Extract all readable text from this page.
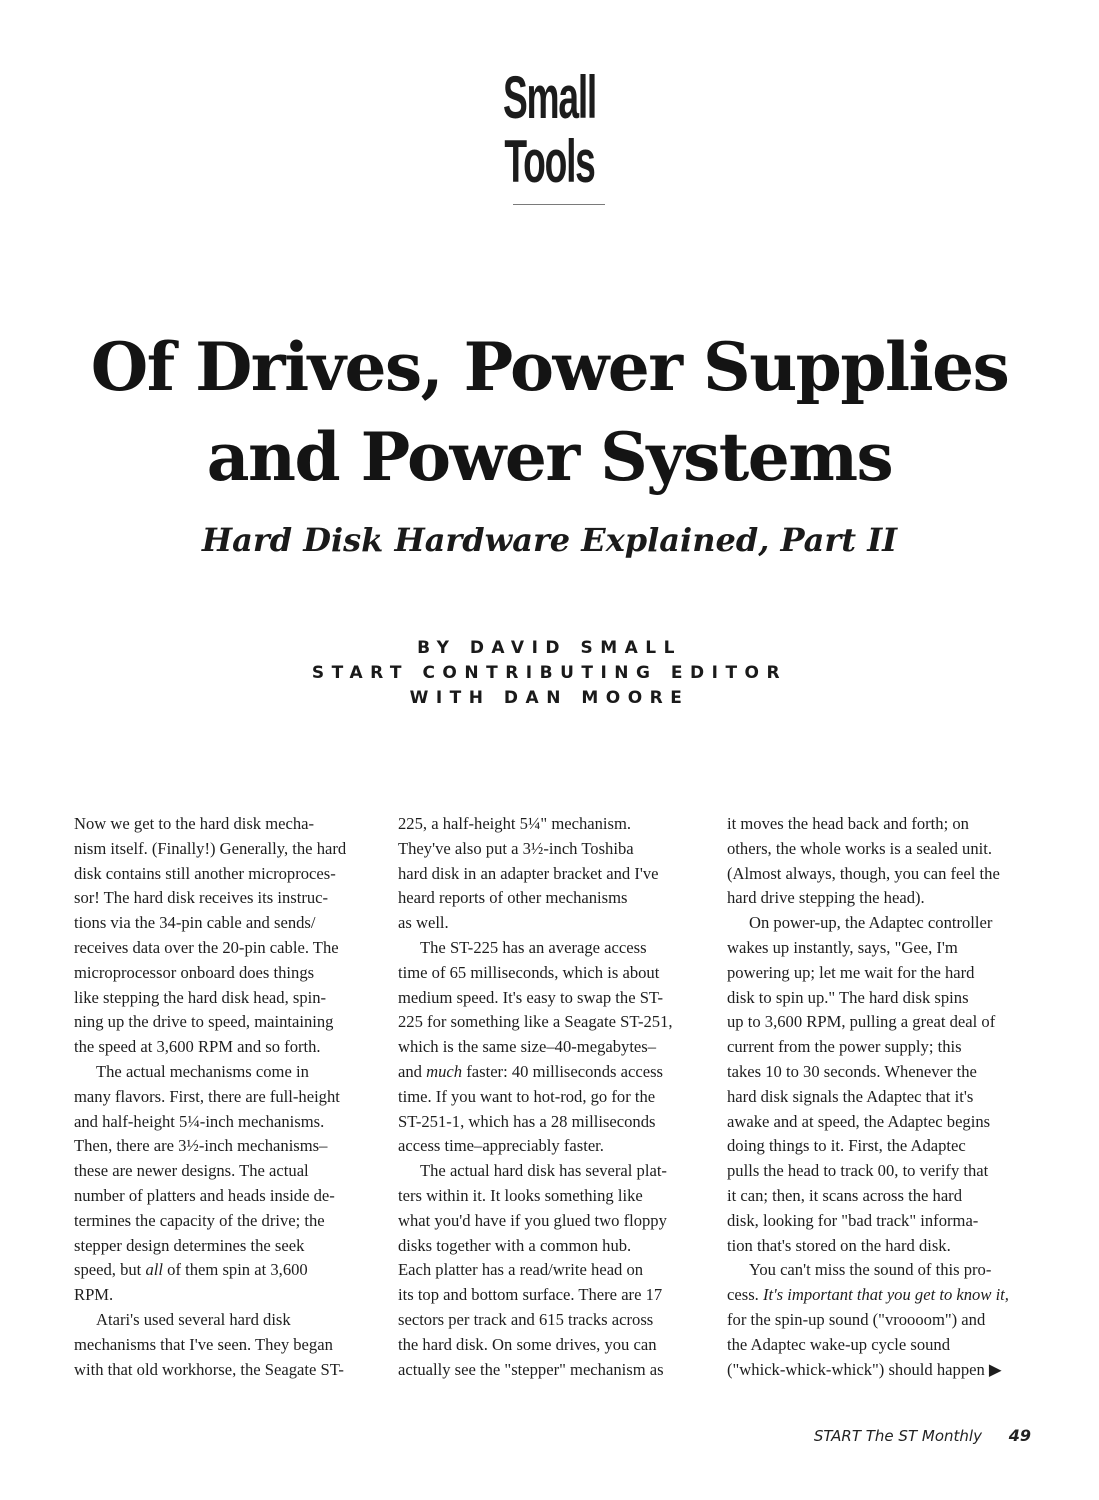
Small
Tools
Of Drives, Power Supplies
and Power Systems
Hard Disk Hardware Explained, Part II
BY DAVID SMALL
START CONTRIBUTING EDITOR
WITH DAN MOORE
Now we get to the hard disk mecha-
nism itself. (Finally!) Generally, the hard
disk contains still another microproces-
sor! The hard disk receives its instruc-
tions via the 34-pin cable and sends/
receives data over the 20-pin cable. The
microprocessor onboard does things
like stepping the hard disk head, spin-
ning up the drive to speed, maintaining
the speed at 3,600 RPM and so forth.
The actual mechanisms come in
many flavors. First, there are full-height
and half-height 5¼-inch mechanisms.
Then, there are 3½-inch mechanisms–
these are newer designs. The actual
number of platters and heads inside de-
termines the capacity of the drive; the
stepper design determines the seek
speed, but all of them spin at 3,600
RPM.
Atari's used several hard disk
mechanisms that I've seen. They began
with that old workhorse, the Seagate ST-
225, a half-height 5¼" mechanism.
They've also put a 3½-inch Toshiba
hard disk in an adapter bracket and I've
heard reports of other mechanisms
as well.
The ST-225 has an average access
time of 65 milliseconds, which is about
medium speed. It's easy to swap the ST-
225 for something like a Seagate ST-251,
which is the same size–40-megabytes–
and much faster: 40 milliseconds access
time. If you want to hot-rod, go for the
ST-251-1, which has a 28 milliseconds
access time–appreciably faster.
The actual hard disk has several plat-
ters within it. It looks something like
what you'd have if you glued two floppy
disks together with a common hub.
Each platter has a read/write head on
its top and bottom surface. There are 17
sectors per track and 615 tracks across
the hard disk. On some drives, you can
actually see the "stepper" mechanism as
it moves the head back and forth; on
others, the whole works is a sealed unit.
(Almost always, though, you can feel the
hard drive stepping the head).
On power-up, the Adaptec controller
wakes up instantly, says, "Gee, I'm
powering up; let me wait for the hard
disk to spin up." The hard disk spins
up to 3,600 RPM, pulling a great deal of
current from the power supply; this
takes 10 to 30 seconds. Whenever the
hard disk signals the Adaptec that it's
awake and at speed, the Adaptec begins
doing things to it. First, the Adaptec
pulls the head to track 00, to verify that
it can; then, it scans across the hard
disk, looking for "bad track" informa-
tion that's stored on the hard disk.
You can't miss the sound of this pro-
cess. It's important that you get to know it,
for the spin-up sound ("vroooom") and
the Adaptec wake-up cycle sound
("whick-whick-whick") should happen ▶
START The ST Monthly 49
